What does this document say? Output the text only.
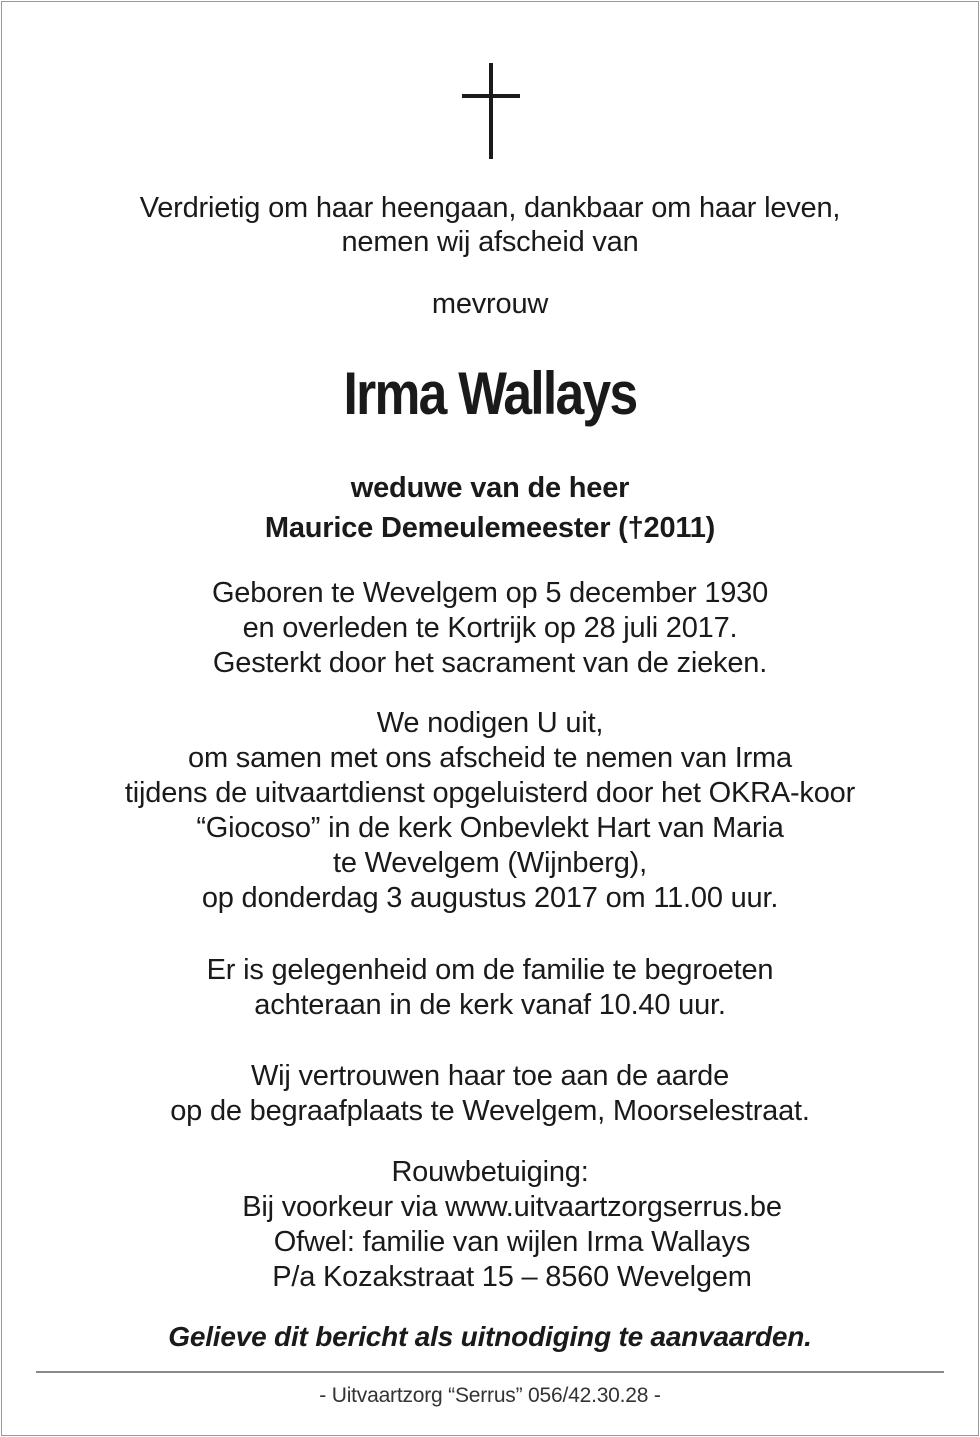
Verdrietig om haar heengaan, dankbaar om haar leven,
nemen wij afscheid van
mevrouw
Irma Wallays
weduwe van de heer
Maurice Demeulemeester (†2011)
Geboren te Wevelgem op 5 december 1930
en overleden te Kortrijk op 28 juli 2017.
Gesterkt door het sacrament van de zieken.
We nodigen U uit,
om samen met ons afscheid te nemen van Irma
tijdens de uitvaartdienst opgeluisterd door het OKRA-koor
“Giocoso” in de kerk Onbevlekt Hart van Maria
te Wevelgem (Wijnberg),
op donderdag 3 augustus 2017 om 11.00 uur.
Er is gelegenheid om de familie te begroeten
achteraan in de kerk vanaf 10.40 uur.
Wij vertrouwen haar toe aan de aarde
op de begraafplaats te Wevelgem, Moorselestraat.
Rouwbetuiging:
Bij voorkeur via www.uitvaartzorgserrus.be
Ofwel: familie van wijlen Irma Wallays
P/a Kozakstraat 15 – 8560 Wevelgem
Gelieve dit bericht als uitnodiging te aanvaarden.
- Uitvaartzorg “Serrus” 056/42.30.28 -
